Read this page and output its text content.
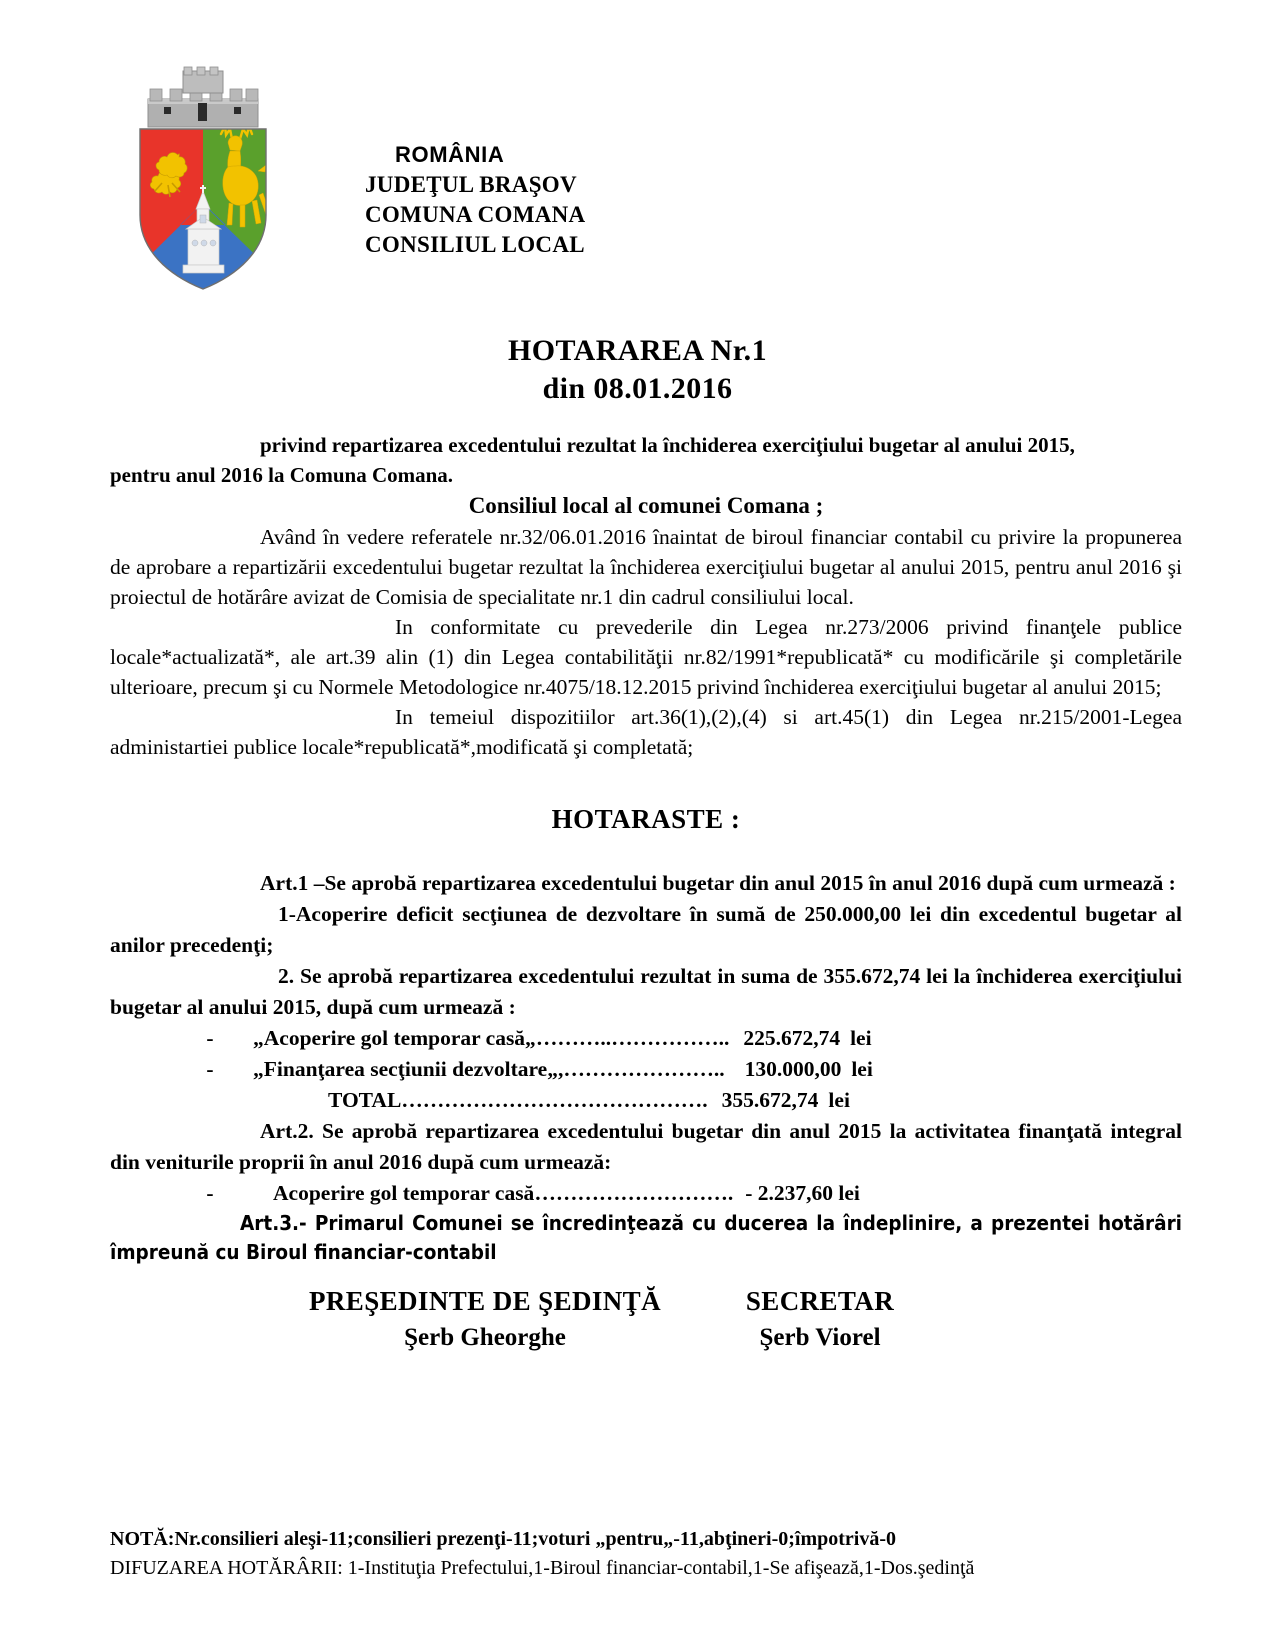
ROMÂNIA
JUDEŢUL BRAŞOV
COMUNA COMANA
CONSILIUL LOCAL
HOTARAREA Nr.1
din 08.01.2016

privind repartizarea excedentului rezultat la închiderea exerciţiului bugetar al anului 2015,

pentru anul 2016 la Comuna Comana.

Consiliul local al comunei Comana ;

Având în vedere referatele nr.32/06.01.2016 înaintat de biroul financiar contabil cu privire la propunerea de aprobare a repartizării excedentului bugetar rezultat la închiderea exerciţiului bugetar al anului 2015, pentru anul 2016 şi proiectul de hotărâre avizat de Comisia de specialitate nr.1 din cadrul consiliului local.

In conformitate cu prevederile din Legea nr.273/2006 privind finanţele publice locale*actualizată*, ale art.39 alin (1) din Legea contabilităţii nr.82/1991*republicată* cu modificările şi completările ulterioare, precum şi cu Normele Metodologice nr.4075/18.12.2015 privind închiderea exerciţiului bugetar al anului 2015;

In temeiul dispozitiilor art.36(1),(2),(4) si art.45(1) din Legea nr.215/2001-Legea administartiei publice locale*republicată*,modificată şi completată;

HOTARASTE :

Art.1 –Se aprobă repartizarea excedentului bugetar din anul 2015 în anul 2016 după cum urmează :

1-Acoperire deficit secţiunea de dezvoltare în sumă de 250.000,00 lei din excedentul bugetar al anilor precedenţi;

2. Se aprobă repartizarea excedentului rezultat in suma de 355.672,74 lei la închiderea exerciţiului bugetar al anului 2015, după cum urmează :

- „Acoperire gol temporar casă„………..…………….. 225.672,74 lei
- „Finanţarea secţiunii dezvoltare„,………………….. 130.000,00 lei
TOTAL……………………………………. 355.672,74 lei

Art.2. Se aprobă repartizarea excedentului bugetar din anul 2015 la activitatea finanţată integral din veniturile proprii în anul 2016 după cum urmează:

-	Acoperire gol temporar casă………………………. - 2.237,60 lei

Art.3.- Primarul Comunei se încredinţează cu ducerea la îndeplinire, a prezentei hotărâri împreună cu Biroul financiar-contabil

PREŞEDINTE DE ŞEDINŢĂ
Şerb Gheorghe
SECRETAR
Şerb Viorel
NOTĂ:Nr.consilieri aleşi-11;consilieri prezenţi-11;voturi „pentru„-11,abţineri-0;împotrivă-0
DIFUZAREA HOTĂRÂRII: 1-Instituţia Prefectului,1-Biroul financiar-contabil,1-Se afişează,1-Dos.şedinţă
